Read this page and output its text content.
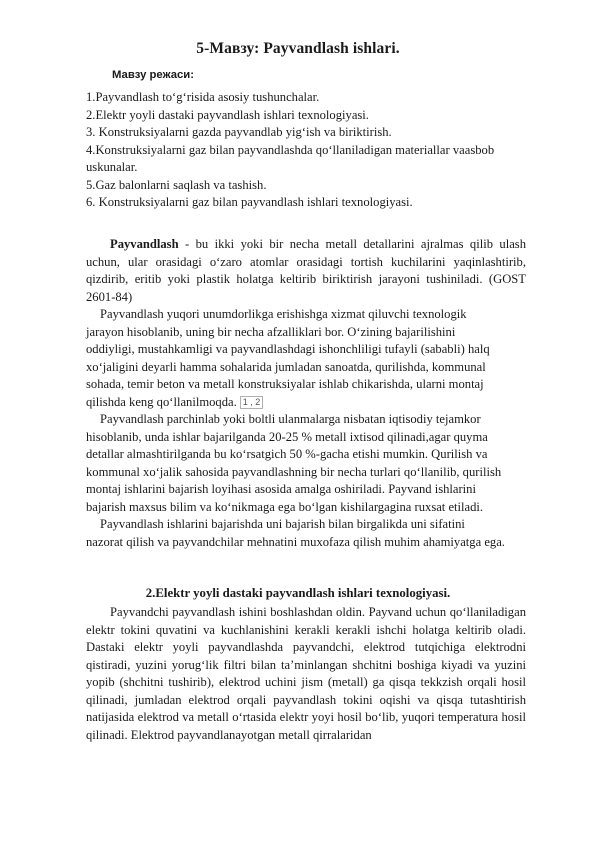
5-Мавзу: Payvandlash ishlari.
Мавзу режаси:
1.Payvandlash to‘g‘risida asosiy tushunchalar.
2.Elektr yoyli dastaki payvandlash ishlari texnologiyasi.
3. Konstruksiyalarni gazda payvandlab yig‘ish va biriktirish.
4.Konstruksiyalarni gaz bilan payvandlashda qo‘llaniladigan materiallar vaasbob uskunalar.
5.Gaz balonlarni saqlash va tashish.
6. Konstruksiyalarni gaz bilan payvandlash ishlari texnologiyasi.
Payvandlash - bu ikki yoki bir necha metall detallarini ajralmas qilib ulash uchun, ular orasidagi o‘zaro atomlar orasidagi tortish kuchilarini yaqinlashtirib, qizdirib, eritib yoki plastik holatga keltirib biriktirish jarayoni tushiniladi. (GOST 2601-84)
Payvandlash yuqori unumdorlikga erishishga xizmat qiluvchi texnologik
jarayon hisoblanib, uning bir necha afzalliklari bor. O‘zining bajarilishini
oddiyligi, mustahkamligi va payvandlashdagi ishonchliligi tufayli (sababli) halq
xo‘jaligini deyarli hamma sohalarida jumladan sanoatda, qurilishda, kommunal
sohada, temir beton va metall konstruksiyalar ishlab chikarishda, ularni montaj
qilishda keng qo‘llanilmoqda. 1 , 2
Payvandlash parchinlab yoki boltli ulanmalarga nisbatan iqtisodiy tejamkor
hisoblanib, unda ishlar bajarilganda 20-25 % metall ixtisod qilinadi,agar quyma
detallar almashtirilganda bu ko‘rsatgich 50 %-gacha etishi mumkin. Qurilish va
kommunal xo‘jalik sahosida payvandlashning bir necha turlari qo‘llanilib, qurilish
montaj ishlarini bajarish loyihasi asosida amalga oshiriladi. Payvand ishlarini
bajarish maxsus bilim va ko‘nikmaga ega bo‘lgan kishilargagina ruxsat etiladi.
Payvandlash ishlarini bajarishda uni bajarish bilan birgalikda uni sifatini
nazorat qilish va payvandchilar mehnatini muxofaza qilish muhim ahamiyatga ega.
2.Elektr yoyli dastaki payvandlash ishlari texnologiyasi.
Payvandchi payvandlash ishini boshlashdan oldin. Payvand uchun qo‘llaniladigan elektr tokini quvatini va kuchlanishini kerakli kerakli ishchi holatga keltirib oladi. Dastaki elektr yoyli payvandlashda payvandchi, elektrod tutqichiga elektrodni qistiradi, yuzini yorug‘lik filtri bilan ta’minlangan shchitni boshiga kiyadi va yuzini yopib (shchitni tushirib), elektrod uchini jism (metall) ga qisqa tekkzish orqali hosil qilinadi, jumladan elektrod orqali payvandlash tokini oqishi va qisqa tutashtirish natijasida elektrod va metall o‘rtasida elektr yoyi hosil bo‘lib, yuqori temperatura hosil qilinadi. Elektrod payvandlanayotgan metall qirralaridan
